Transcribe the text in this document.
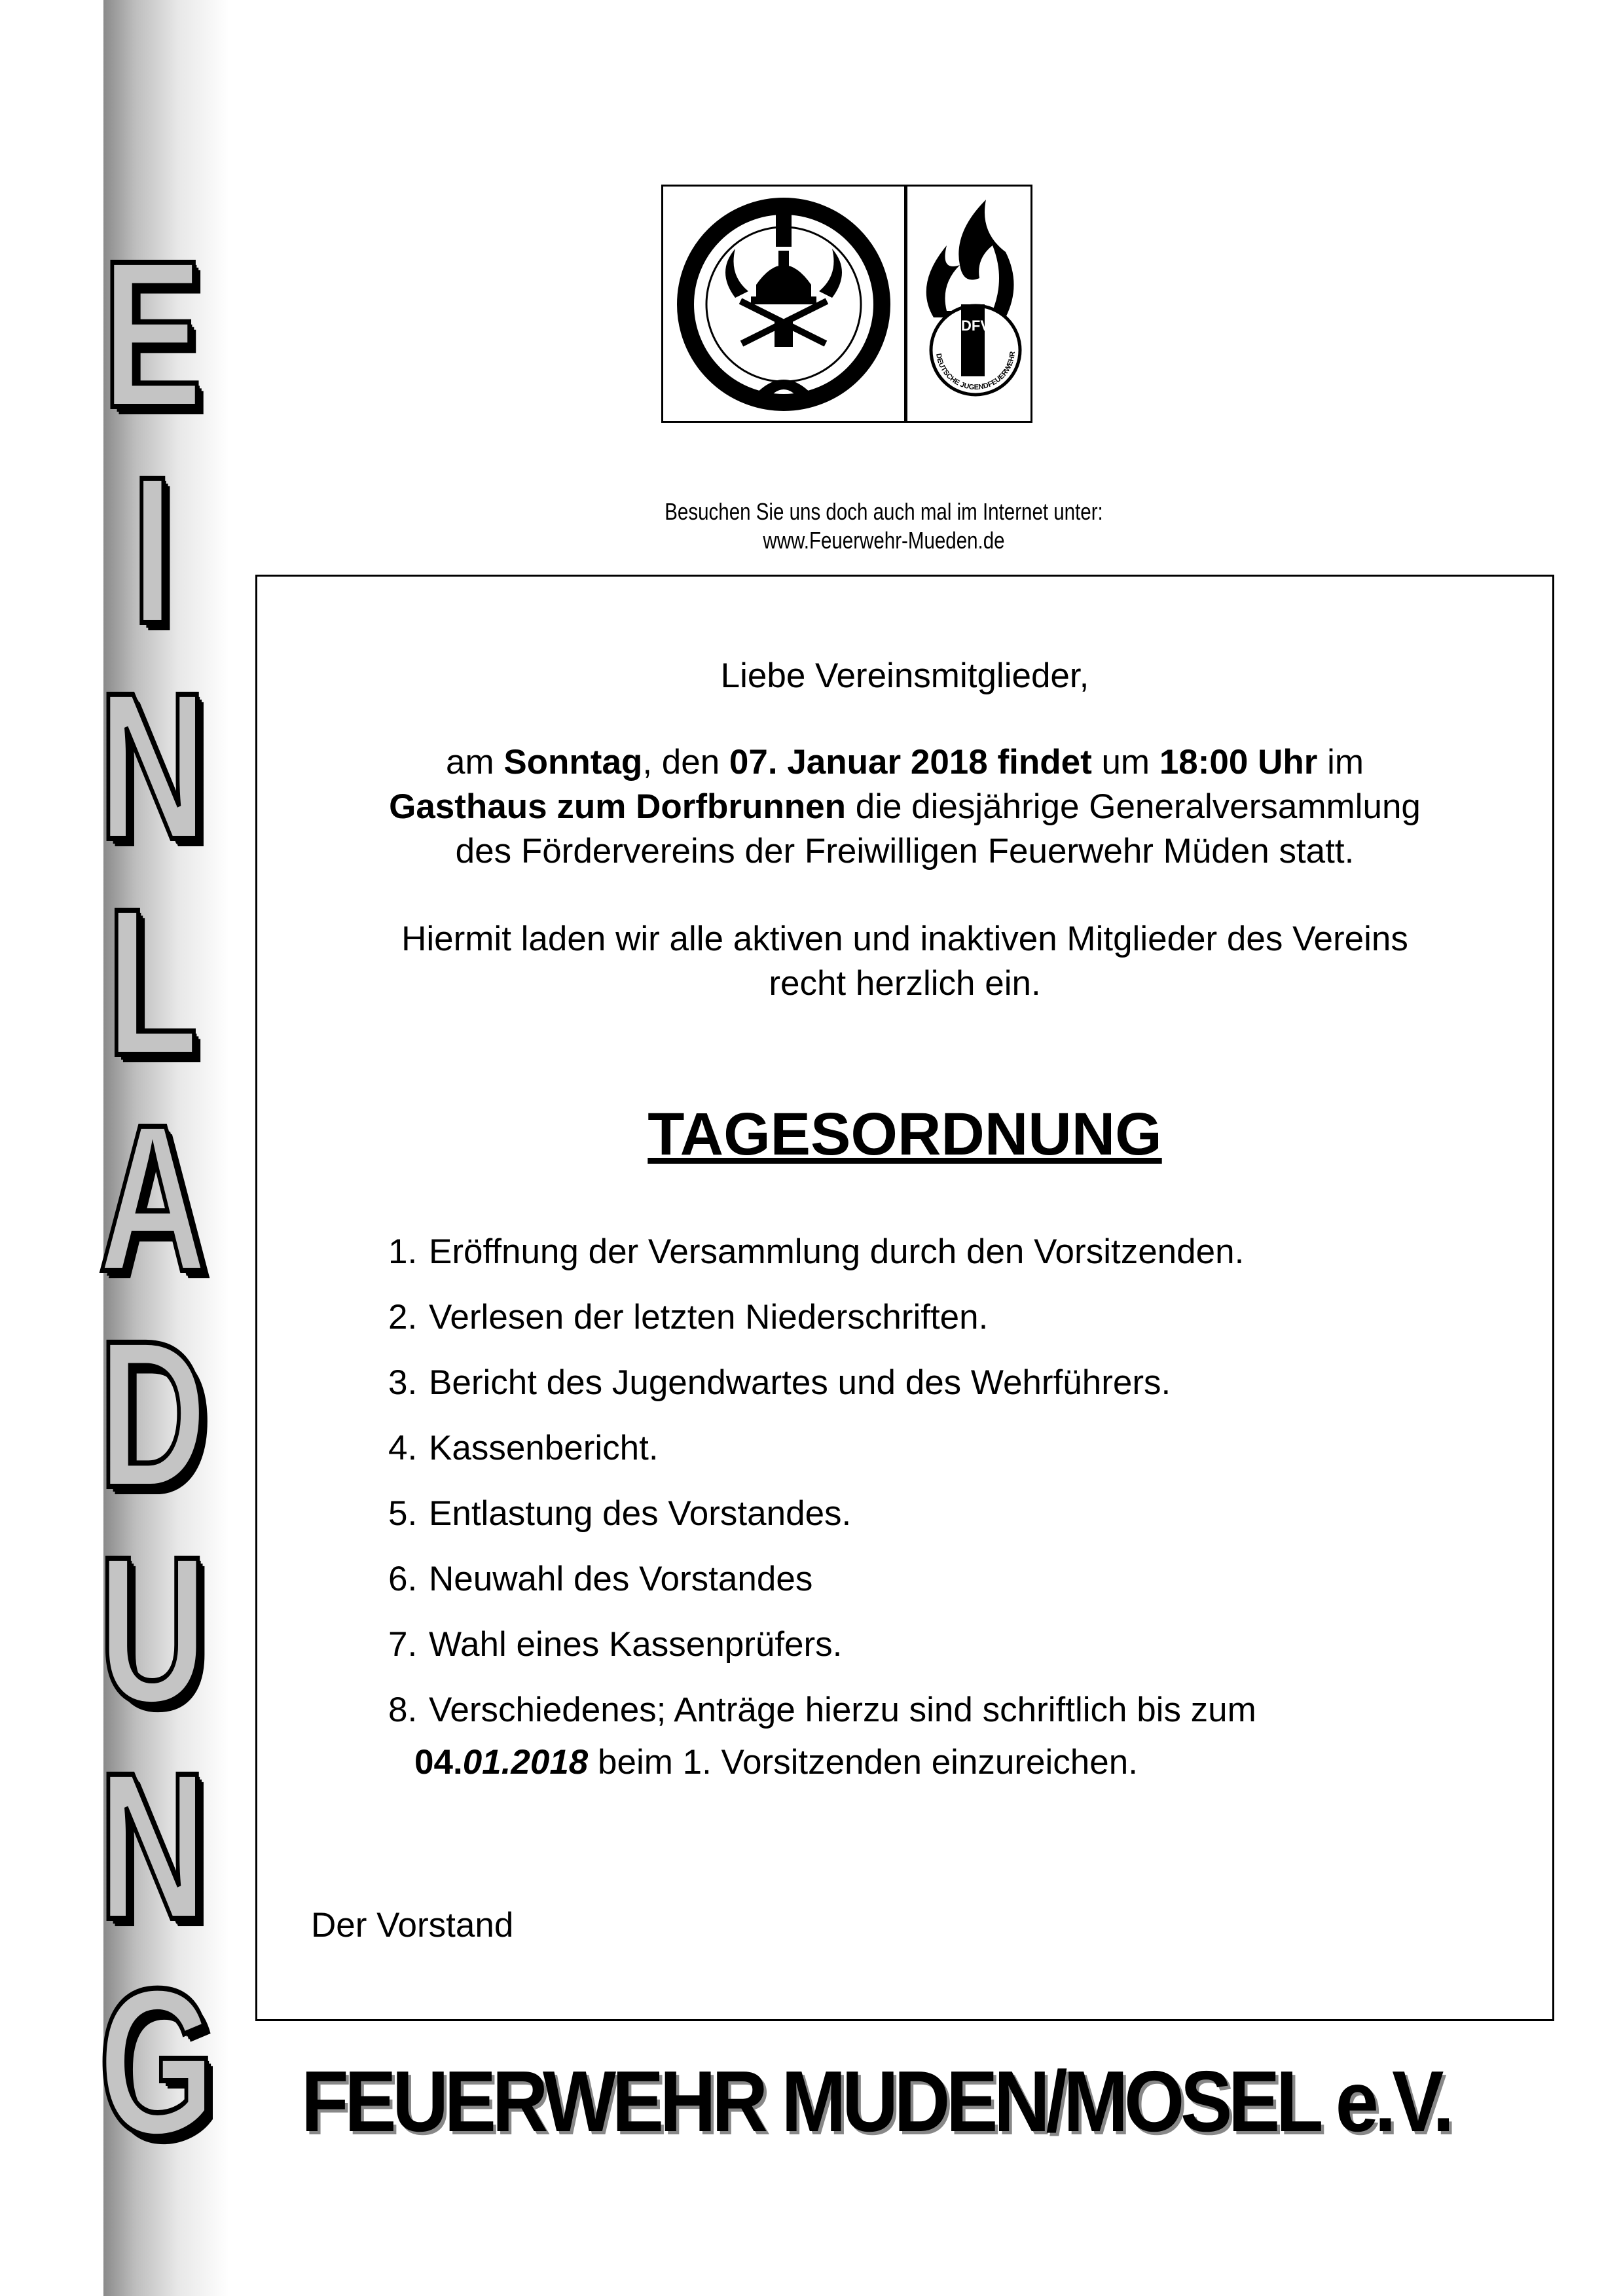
E
I
N
L
A
D
U
N
G
DFV
DEUTSCHE JUGENDFEUERWEHR
Besuchen Sie uns doch auch mal im Internet unter:
www.Feuerwehr-Mueden.de
Liebe Vereinsmitglieder,
am Sonntag, den 07. Januar 2018 findet um 18:00 Uhr im
Gasthaus zum Dorfbrunnen die diesjährige Generalversammlung
des Fördervereins der Freiwilligen Feuerwehr Müden statt.
Hiermit laden wir alle aktiven und inaktiven Mitglieder des Vereins
recht herzlich ein.
TAGESORDNUNG
1. Eröffnung der Versammlung durch den Vorsitzenden.
2. Verlesen der letzten Niederschriften.
3. Bericht des Jugendwartes und des Wehrführers.
4. Kassenbericht.
5. Entlastung des Vorstandes.
6. Neuwahl des Vorstandes
7. Wahl eines Kassenprüfers.
8. Verschiedenes; Anträge hierzu sind schriftlich bis zum
04.01.2018 beim 1. Vorsitzenden einzureichen.
Der Vorstand
FEUERWEHR MUDEN/MOSEL e.V.
